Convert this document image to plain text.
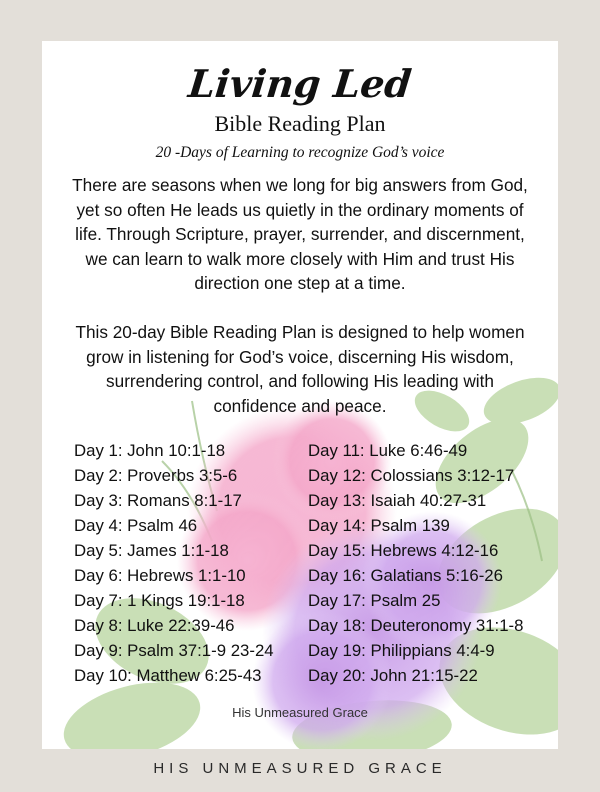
Living Led
Bible Reading Plan
20 -Days of Learning to recognize God’s voice
There are seasons when we long for big answers from God, yet so often He leads us quietly in the ordinary moments of life. Through Scripture, prayer, surrender, and discernment, we can learn to walk more closely with Him and trust His direction one step at a time.
This 20-day Bible Reading Plan is designed to help women grow in listening for God’s voice, discerning His wisdom, surrendering control, and following His leading with confidence and peace.
Day 1: John 10:1-18
Day 2: Proverbs 3:5-6
Day 3: Romans 8:1-17
Day 4: Psalm 46
Day 5: James 1:1-18
Day 6: Hebrews 1:1-10
Day 7: 1 Kings 19:1-18
Day 8: Luke 22:39-46
Day 9: Psalm 37:1-9 23-24
Day 10: Matthew 6:25-43
Day 11: Luke 6:46-49
Day 12: Colossians 3:12-17
Day 13: Isaiah 40:27-31
Day 14: Psalm 139
Day 15: Hebrews 4:12-16
Day 16: Galatians 5:16-26
Day 17: Psalm 25
Day 18: Deuteronomy 31:1-8
Day 19: Philippians 4:4-9
Day 20: John 21:15-22
His Unmeasured Grace
HIS UNMEASURED GRACE
